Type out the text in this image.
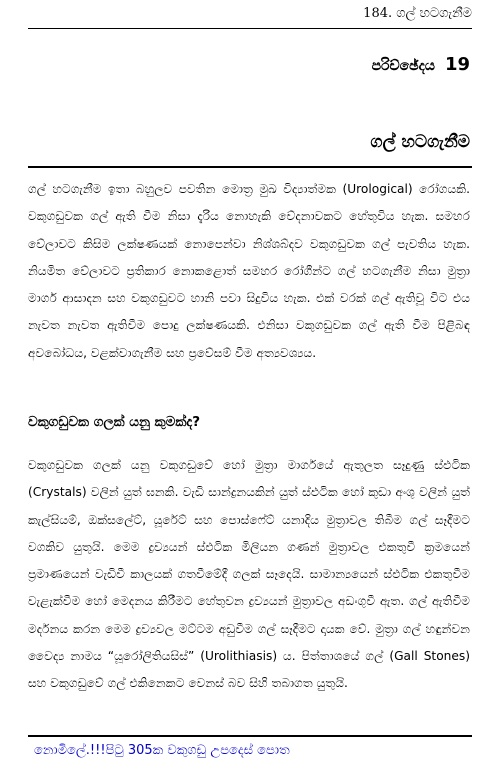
184. ගල් හටගැනීම
පරිච්ඡේදය 19
ගල් හටගැනීම

ගල් හටගැනීම ඉතා බහුලව පවතින මොත්‍ර මුඛ විද්‍යාත්මක (Urological) රෝගයකි. වකුගඩුවක ගල් ඇති වීම නිසා දැරිය නොහැකි වේදනාවකට හේතුවිය හැක. සමහර වේලාවට කිසිම ලක්ෂණයක් නොපෙන්වා නිශ්ශබ්දව වකුගඩුවක ගල් පැවතිය හැක. නියමිත වේලාවට ප්‍රතිකාර නොකළොත් සමහර රෝගීන්ට ගල් හටගැනීම නිසා මුත්‍රා මාර්ග ආසාදන සහ වකුගඩුවට හානි පවා සිදුවිය හැක. එක් වරක් ගල් ඇතිවූ විට එය නැවත නැවත ඇතිවීම පොදු ලක්ෂණයකි. එනිසා වකුගඩුවක ගල් ඇති වීම පිළිබඳ අවබෝධය, වළක්වාගැනීම සහ ප්‍රවේසම් වීම අත්‍යවශ්‍යය.

වකුගඩුවක ගලක් යනු කුමක්ද?

වකුගඩුවක ගලක් යනු වකුගඩුවේ හෝ මුත්‍රා මාර්ගයේ ඇතුලත සෑදුණු ස්ඵටික (Crystals) වලින් යුත් ඝනකි. වැඩි සාන්ද්‍රනයකින් යුත් ස්ඵටික හෝ කුඩා අංශු වලින් යුත් කැල්සියම්, ඔක්සලේට්, යූරේට් සහ පොස්ෆේට් යනාදිය මුත්‍රාවල තිබීම ගල් සෑදීමට වගකිව යුතුයි. මෙම ද්‍රව්‍යයන් ස්ඵටික මිලියන ගණන් මුත්‍රාවල එකතුවී ක්‍රමයෙන් ප්‍රමාණයෙන් වැඩිවී කාලයක් ගතවීමේදී ගලක් සෑදෙයි. සාමාන්‍යයෙන් ස්ඵටික එකතුවීම වැළැක්වීම හෝ මෙදනය කිරීමට හේතුවන ද්‍රව්‍යයන් මුත්‍රාවල අඩංගුවී ඇත. ගල් ඇතිවීම මර්දනය කරන මෙම ද්‍රව්‍යවල මට්ටම අඩුවීම ගල් සෑදීමට දායක වේ. මුත්‍රා ගල් හඳුන්වන වෛද්‍ය නාමය “යූරෝලිතියසිස්” (Urolithiasis) ය. පිත්තාශයේ ගල් (Gall Stones) සහ වකුගඩුවේ ගල් එකිනෙකට වෙනස් බව සිහි තබාගත යුතුයි.

නොමිලේ.!!!පිටු 305ක වකුගඩු උපදෙස් පොත
